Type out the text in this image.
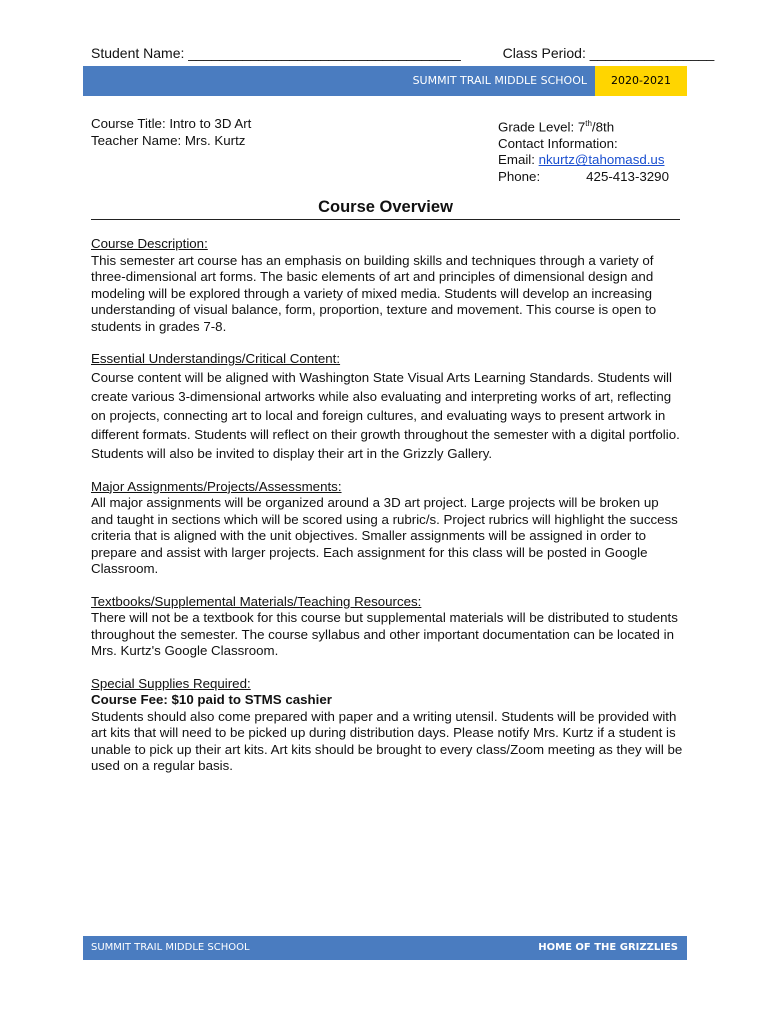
Student Name: ___________________________________	Class Period: ________________
SUMMIT TRAIL MIDDLE SCHOOL	2020-2021
Course Title: Intro to 3D Art
Teacher Name: Mrs. Kurtz
Grade Level: 7th/8th
Contact Information:
Email: nkurtz@tahomasd.us
Phone:	425-413-3290
Course Overview
Course Description:

This semester art course has an emphasis on building skills and techniques through a variety of three-dimensional art forms. The basic elements of art and principles of dimensional design and modeling will be explored through a variety of mixed media. Students will develop an increasing understanding of visual balance, form, proportion, texture and movement. This course is open to students in grades 7-8.

Essential Understandings/Critical Content:

Course content will be aligned with Washington State Visual Arts Learning Standards. Students will create various 3-dimensional artworks while also evaluating and interpreting works of art, reflecting on projects, connecting art to local and foreign cultures, and evaluating ways to present artwork in different formats. Students will reflect on their growth throughout the semester with a digital portfolio. Students will also be invited to display their art in the Grizzly Gallery.

Major Assignments/Projects/Assessments:

All major assignments will be organized around a 3D art project. Large projects will be broken up and taught in sections which will be scored using a rubric/s. Project rubrics will highlight the success criteria that is aligned with the unit objectives. Smaller assignments will be assigned in order to prepare and assist with larger projects. Each assignment for this class will be posted in Google Classroom.

Textbooks/Supplemental Materials/Teaching Resources:

There will not be a textbook for this course but supplemental materials will be distributed to students throughout the semester. The course syllabus and other important documentation can be located in Mrs. Kurtz's Google Classroom.

Special Supplies Required:
Course Fee: $10 paid to STMS cashier

Students should also come prepared with paper and a writing utensil. Students will be provided with art kits that will need to be picked up during distribution days. Please notify Mrs. Kurtz if a student is unable to pick up their art kits. Art kits should be brought to every class/Zoom meeting as they will be used on a regular basis.

SUMMIT TRAIL MIDDLE SCHOOL	HOME OF THE GRIZZLIES
